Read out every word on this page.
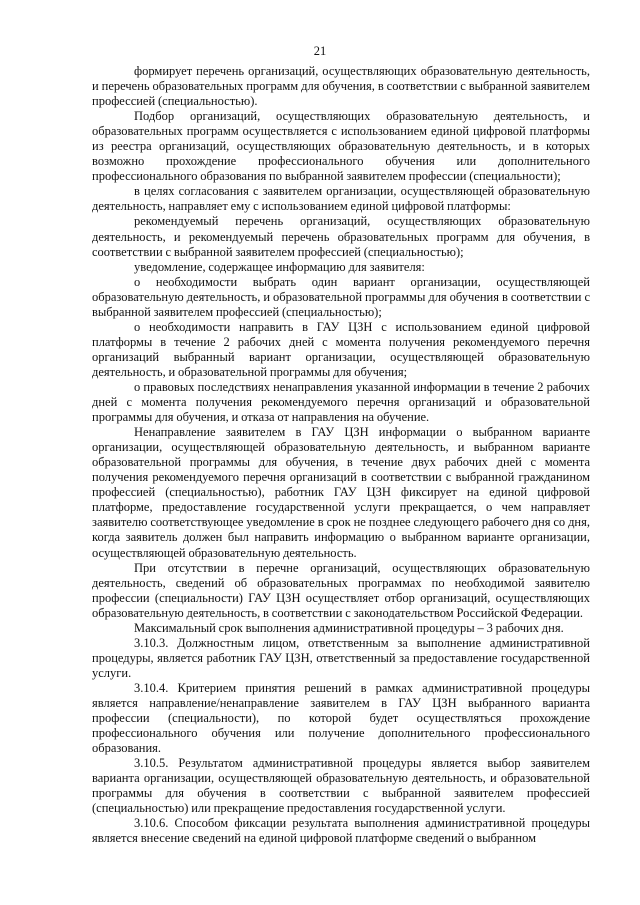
21

формирует перечень организаций, осуществляющих образовательную деятельность, и перечень образовательных программ для обучения, в соответствии с выбранной заявителем профессией (специальностью).

Подбор организаций, осуществляющих образовательную деятельность, и образовательных программ осуществляется с использованием единой цифровой платформы из реестра организаций, осуществляющих образовательную деятельность, и в которых возможно прохождение профессионального обучения или дополнительного профессионального образования по выбранной заявителем профессии (специальности);

в целях согласования с заявителем организации, осуществляющей образовательную деятельность, направляет ему с использованием единой цифровой платформы:

рекомендуемый перечень организаций, осуществляющих образовательную деятельность, и рекомендуемый перечень образовательных программ для обучения, в соответствии с выбранной заявителем профессией (специальностью);

уведомление, содержащее информацию для заявителя:

о необходимости выбрать один вариант организации, осуществляющей образовательную деятельность, и образовательной программы для обучения в соответствии с выбранной заявителем профессией (специальностью);

о необходимости направить в ГАУ ЦЗН с использованием единой цифровой платформы в течение 2 рабочих дней с момента получения рекомендуемого перечня организаций выбранный вариант организации, осуществляющей образовательную деятельность, и образовательной программы для обучения;

о правовых последствиях ненаправления указанной информации в течение 2 рабочих дней с момента получения рекомендуемого перечня организаций и образовательной программы для обучения, и отказа от направления на обучение.

Ненаправление заявителем в ГАУ ЦЗН информации о выбранном варианте организации, осуществляющей образовательную деятельность, и выбранном варианте образовательной программы для обучения, в течение двух рабочих дней с момента получения рекомендуемого перечня организаций в соответствии с выбранной гражданином профессией (специальностью), работник ГАУ ЦЗН фиксирует на единой цифровой платформе, предоставление государственной услуги прекращается, о чем направляет заявителю соответствующее уведомление в срок не позднее следующего рабочего дня со дня, когда заявитель должен был направить информацию о выбранном варианте организации, осуществляющей образовательную деятельность.

При отсутствии в перечне организаций, осуществляющих образовательную деятельность, сведений об образовательных программах по необходимой заявителю профессии (специальности) ГАУ ЦЗН осуществляет отбор организаций, осуществляющих образовательную деятельность, в соответствии с законодательством Российской Федерации.

Максимальный срок выполнения административной процедуры – 3 рабочих дня.

3.10.3. Должностным лицом, ответственным за выполнение административной процедуры, является работник ГАУ ЦЗН, ответственный за предоставление государственной услуги.

3.10.4. Критерием принятия решений в рамках административной процедуры является направление/ненаправление заявителем в ГАУ ЦЗН выбранного варианта профессии (специальности), по которой будет осуществляться прохождение профессионального обучения или получение дополнительного профессионального образования.

3.10.5. Результатом административной процедуры является выбор заявителем варианта организации, осуществляющей образовательную деятельность, и образовательной программы для обучения в соответствии с выбранной заявителем профессией (специальностью) или прекращение предоставления государственной услуги.

3.10.6. Способом фиксации результата выполнения административной процедуры является внесение сведений на единой цифровой платформе сведений о выбранном
